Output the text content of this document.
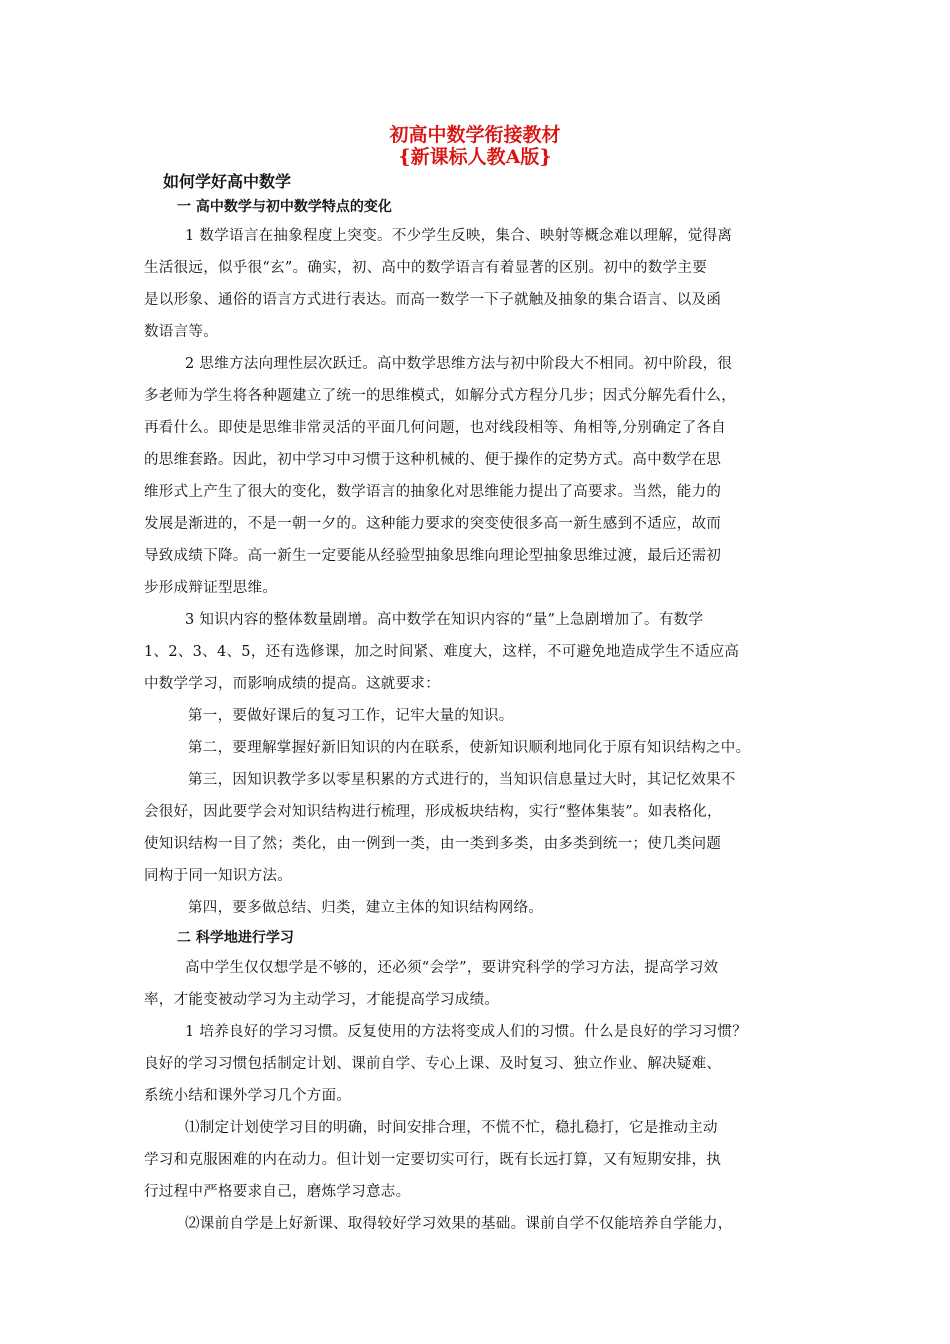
初高中数学衔接教材
{新课标人教A版}
如何学好高中数学
一 高中数学与初中数学特点的变化
1 数学语言在抽象程度上突变。不少学生反映，集合、映射等概念难以理解，觉得离
生活很远，似乎很“玄”。确实，初、高中的数学语言有着显著的区别。初中的数学主要
是以形象、通俗的语言方式进行表达。而高一数学一下子就触及抽象的集合语言、以及函
数语言等。
2 思维方法向理性层次跃迁。高中数学思维方法与初中阶段大不相同。初中阶段，很
多老师为学生将各种题建立了统一的思维模式，如解分式方程分几步；因式分解先看什么，
再看什么。即使是思维非常灵活的平面几何问题，也对线段相等、角相等,分别确定了各自
的思维套路。因此，初中学习中习惯于这种机械的、便于操作的定势方式。高中数学在思
维形式上产生了很大的变化，数学语言的抽象化对思维能力提出了高要求。当然，能力的
发展是渐进的，不是一朝一夕的。这种能力要求的突变使很多高一新生感到不适应，故而
导致成绩下降。高一新生一定要能从经验型抽象思维向理论型抽象思维过渡，最后还需初
步形成辩证型思维。
3 知识内容的整体数量剧增。高中数学在知识内容的“量”上急剧增加了。有数学
1、2、3、4、5，还有选修课，加之时间紧、难度大，这样，不可避免地造成学生不适应高
中数学学习，而影响成绩的提高。这就要求：
第一，要做好课后的复习工作，记牢大量的知识。
第二，要理解掌握好新旧知识的内在联系，使新知识顺利地同化于原有知识结构之中。
第三，因知识教学多以零星积累的方式进行的，当知识信息量过大时，其记忆效果不
会很好，因此要学会对知识结构进行梳理，形成板块结构，实行“整体集装”。如表格化，
使知识结构一目了然；类化，由一例到一类，由一类到多类，由多类到统一；使几类问题
同构于同一知识方法。
第四，要多做总结、归类，建立主体的知识结构网络。
二 科学地进行学习
高中学生仅仅想学是不够的，还必须“会学”，要讲究科学的学习方法，提高学习效
率，才能变被动学习为主动学习，才能提高学习成绩。
1 培养良好的学习习惯。反复使用的方法将变成人们的习惯。什么是良好的学习习惯？
良好的学习习惯包括制定计划、课前自学、专心上课、及时复习、独立作业、解决疑难、
系统小结和课外学习几个方面。
⑴制定计划使学习目的明确，时间安排合理，不慌不忙，稳扎稳打，它是推动主动
学习和克服困难的内在动力。但计划一定要切实可行，既有长远打算，又有短期安排，执
行过程中严格要求自己，磨炼学习意志。
⑵课前自学是上好新课、取得较好学习效果的基础。课前自学不仅能培养自学能力，
